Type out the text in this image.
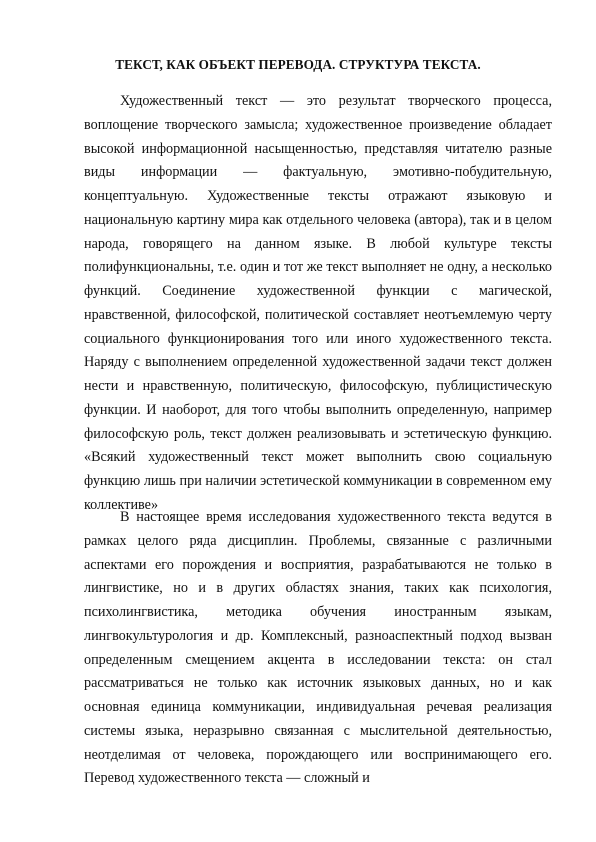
ТЕКСТ, КАК ОБЪЕКТ ПЕРЕВОДА. СТРУКТУРА ТЕКСТА.

Художественный текст — это результат творческого процесса, воплощение творческого замысла; художественное произведение обладает высокой информационной насыщенностью, представляя читателю разные виды информации — фактуальную, эмотивно-побудительную, концептуальную. Художественные тексты отражают языковую и национальную картину мира как отдельного человека (автора), так и в целом народа, говорящего на данном языке. В любой культуре тексты полифункциональны, т.е. один и тот же текст выполняет не одну, а несколько функций. Соединение художественной функции с магической, нравственной, философской, политической составляет неотъемлемую черту социального функционирования того или иного художественного текста. Наряду с выполнением определенной художественной задачи текст должен нести и нравственную, политическую, философскую, публицистическую функции. И наоборот, для того чтобы выполнить определенную, например философскую роль, текст должен реализовывать и эстетическую функцию. «Всякий художественный текст может выполнить свою социальную функцию лишь при наличии эстетической коммуникации в современном ему коллективе»

В настоящее время исследования художественного текста ведутся в рамках целого ряда дисциплин. Проблемы, связанные с различными аспектами его порождения и восприятия, разрабатываются не только в лингвистике, но и в других областях знания, таких как психология, психолингвистика, методика обучения иностранным языкам, лингвокультурология и др. Комплексный, разноаспектный подход вызван определенным смещением акцента в исследовании текста: он стал рассматриваться не только как источник языковых данных, но и как основная единица коммуникации, индивидуальная речевая реализация системы языка, неразрывно связанная с мыслительной деятельностью, неотделимая от человека, порождающего или воспринимающего его. Перевод художественного текста — сложный и
